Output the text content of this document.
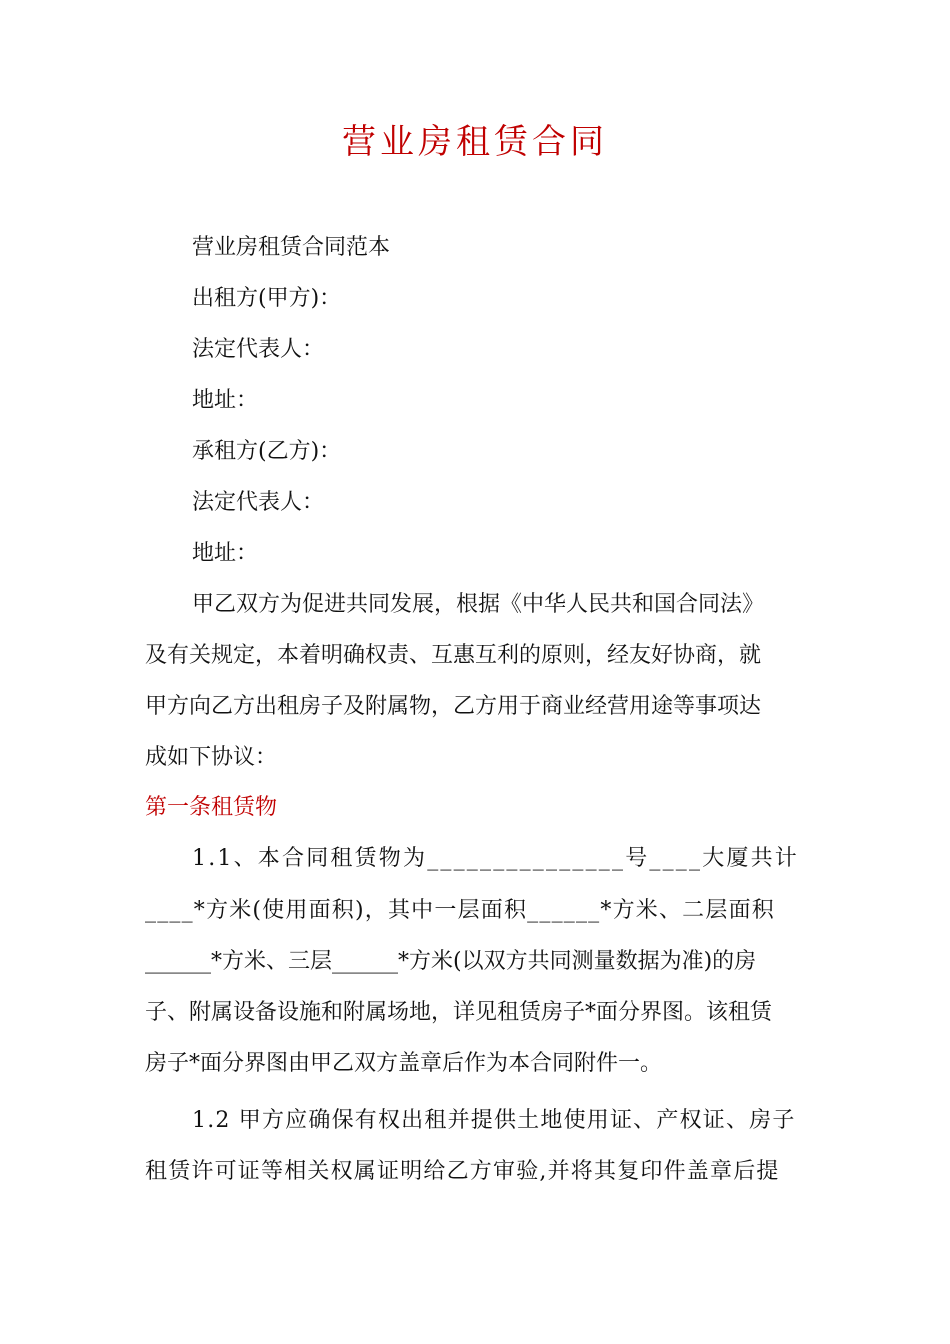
营业房租赁合同
营业房租赁合同范本
出租方(甲方)：
法定代表人：
地址：
承租方(乙方)：
法定代表人：
地址：
甲乙双方为促进共同发展，根据《中华人民共和国合同法》
及有关规定，本着明确权责、互惠互利的原则，经友好协商，就
甲方向乙方出租房子及附属物，乙方用于商业经营用途等事项达
成如下协议：
第一条租赁物
1.1、本合同租赁物为_______________号____大厦共计
____*方米(使用面积)，其中一层面积______*方米、二层面积
______*方米、三层______*方米(以双方共同测量数据为准)的房
子、附属设备设施和附属场地，详见租赁房子*面分界图。该租赁
房子*面分界图由甲乙双方盖章后作为本合同附件一。
1.2 甲方应确保有权出租并提供土地使用证、产权证、房子
租赁许可证等相关权属证明给乙方审验,并将其复印件盖章后提
